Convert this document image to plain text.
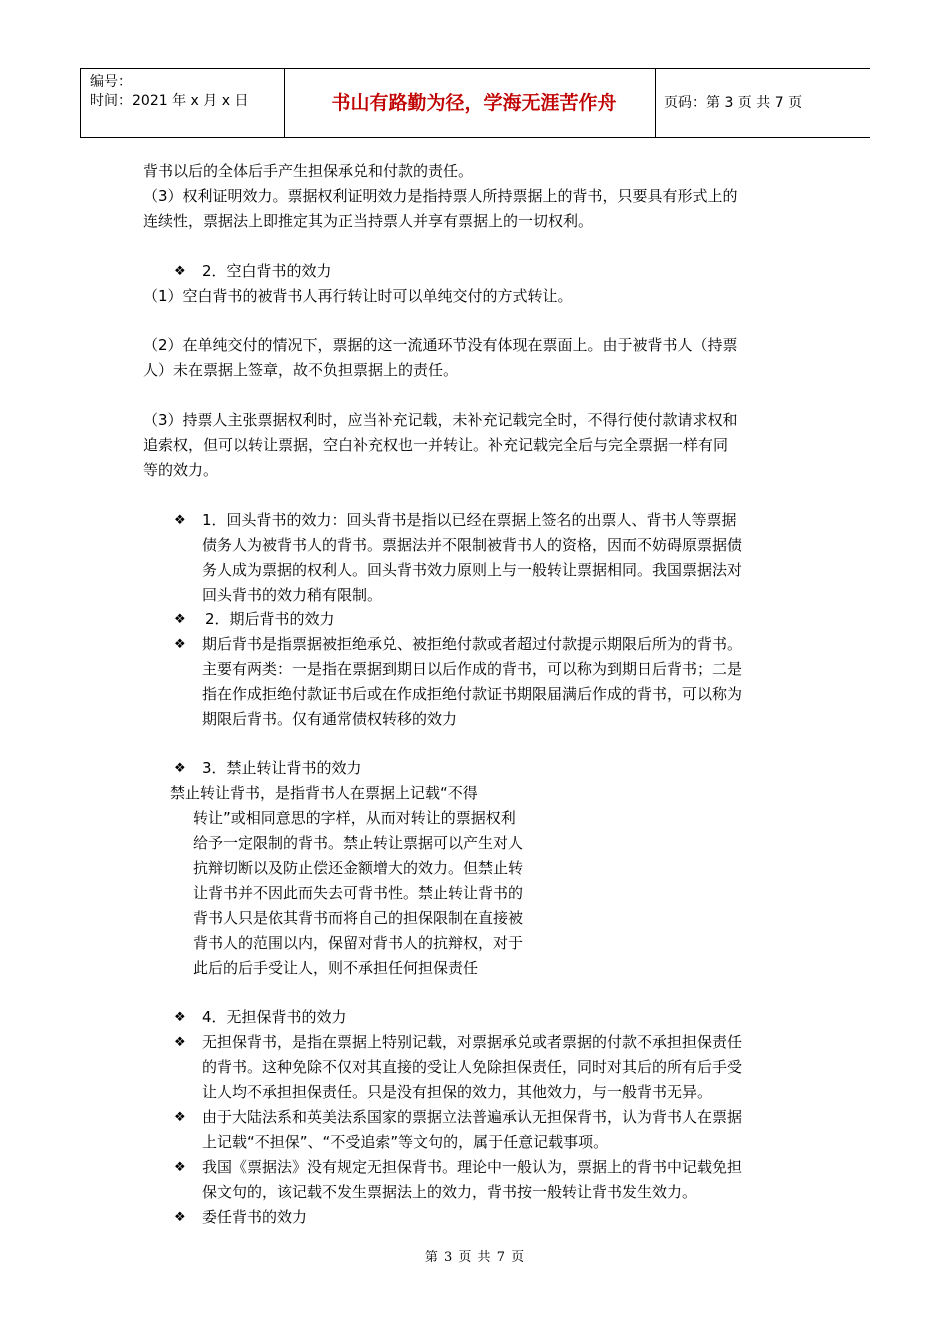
编号：
时间：2021 年 x 月 x 日	书山有路勤为径，学海无涯苦作舟	页码：第 3 页 共 7 页
背书以后的全体后手产生担保承兑和付款的责任。
（3）权利证明效力。票据权利证明效力是指持票人所持票据上的背书，只要具有形式上的
连续性，票据法上即推定其为正当持票人并享有票据上的一切权利。
❖ 2．空白背书的效力
（1）空白背书的被背书人再行转让时可以单纯交付的方式转让。
（2）在单纯交付的情况下，票据的这一流通环节没有体现在票面上。由于被背书人（持票
人）未在票据上签章，故不负担票据上的责任。
（3）持票人主张票据权利时，应当补充记载，未补充记载完全时，不得行使付款请求权和
追索权，但可以转让票据，空白补充权也一并转让。补充记载完全后与完全票据一样有同
等的效力。
❖ 1．回头背书的效力：回头背书是指以已经在票据上签名的出票人、背书人等票据
债务人为被背书人的背书。票据法并不限制被背书人的资格，因而不妨碍原票据债
务人成为票据的权利人。回头背书效力原则上与一般转让票据相同。我国票据法对
回头背书的效力稍有限制。
❖ 2．期后背书的效力
❖ 期后背书是指票据被拒绝承兑、被拒绝付款或者超过付款提示期限后所为的背书。
主要有两类：一是指在票据到期日以后作成的背书，可以称为到期日后背书；二是
指在作成拒绝付款证书后或在作成拒绝付款证书期限届满后作成的背书，可以称为
期限后背书。仅有通常债权转移的效力
❖ 3．禁止转让背书的效力
禁止转让背书，是指背书人在票据上记载“不得
转让”或相同意思的字样，从而对转让的票据权利
给予一定限制的背书。禁止转让票据可以产生对人
抗辩切断以及防止偿还金额增大的效力。但禁止转
让背书并不因此而失去可背书性。禁止转让背书的
背书人只是依其背书而将自己的担保限制在直接被
背书人的范围以内，保留对背书人的抗辩权，对于
此后的后手受让人，则不承担任何担保责任
❖ 4．无担保背书的效力
❖ 无担保背书，是指在票据上特别记载，对票据承兑或者票据的付款不承担担保责任
的背书。这种免除不仅对其直接的受让人免除担保责任，同时对其后的所有后手受
让人均不承担担保责任。只是没有担保的效力，其他效力，与一般背书无异。
❖ 由于大陆法系和英美法系国家的票据立法普遍承认无担保背书，认为背书人在票据
上记载“不担保”、“不受追索”等文句的，属于任意记载事项。
❖ 我国《票据法》没有规定无担保背书。理论中一般认为，票据上的背书中记载免担
保文句的，该记载不发生票据法上的效力，背书按一般转让背书发生效力。
❖ 委任背书的效力
第 3 页 共 7 页
